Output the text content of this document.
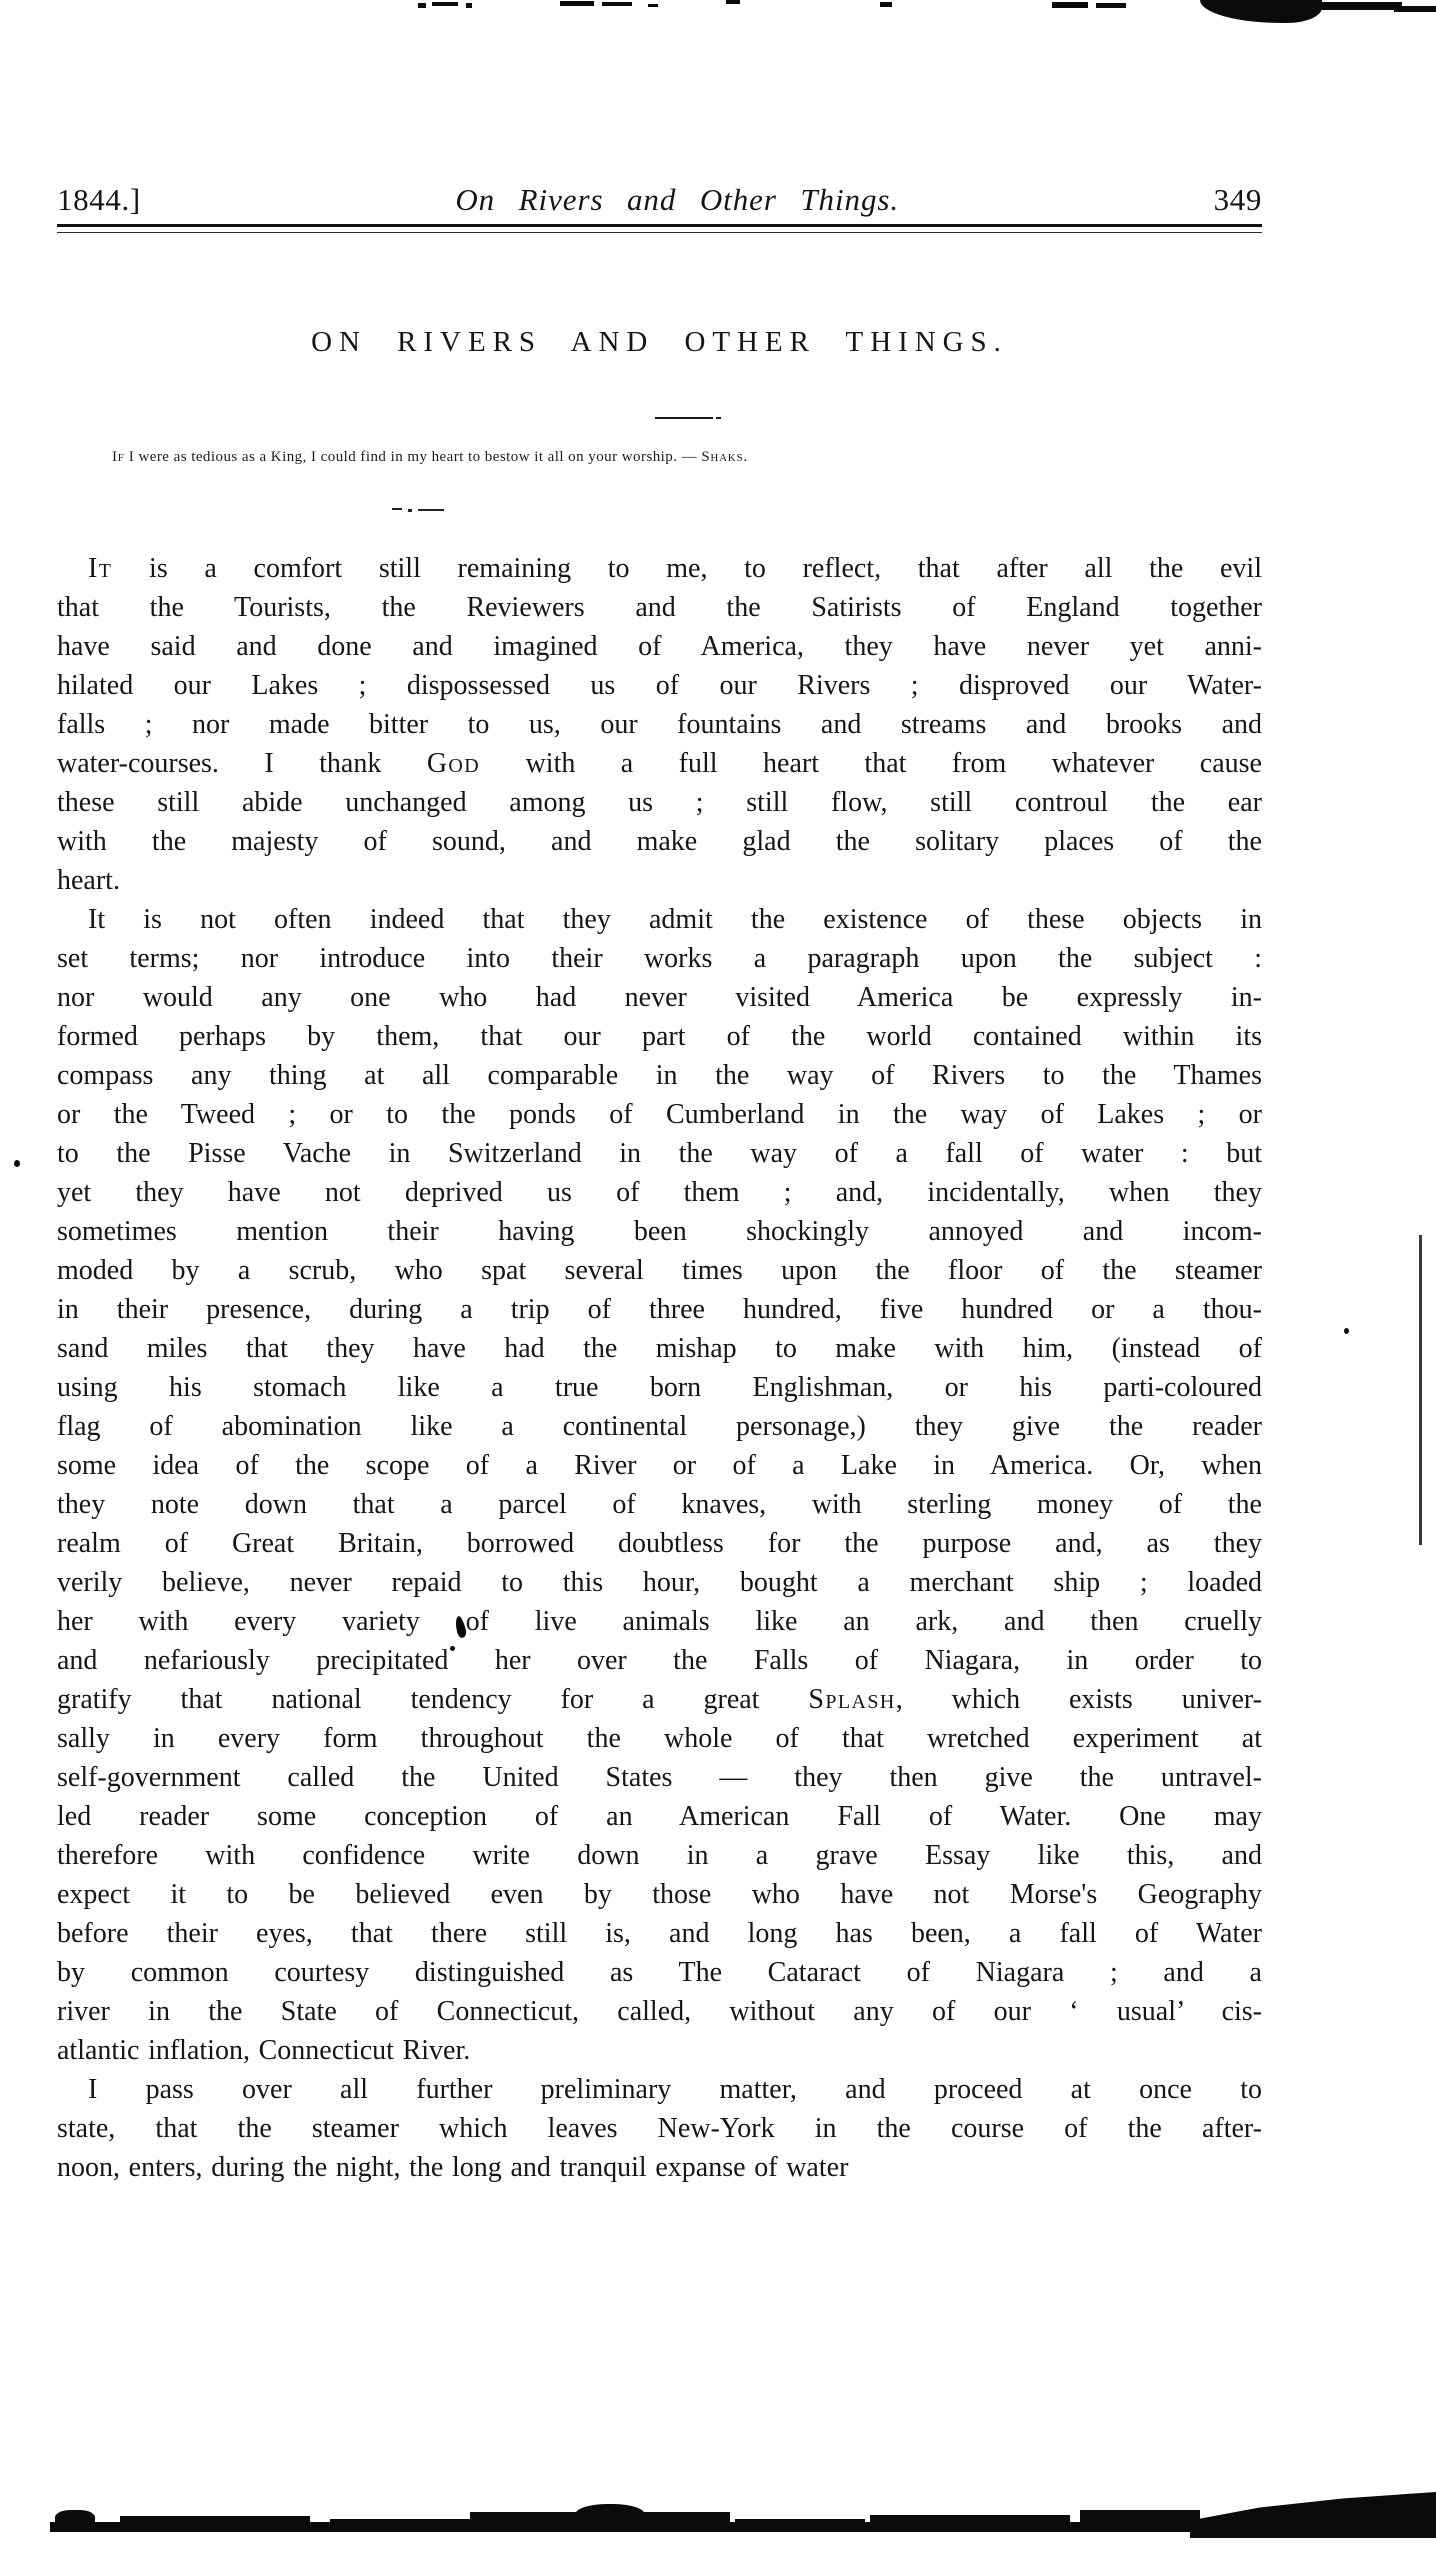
1844.]	On Rivers and Other Things.	349
ON RIVERS AND OTHER THINGS.

If I were as tedious as a King, I could find in my heart to bestow it all on your worship. — Shaks.

It is a comfort still remaining to me, to reflect, that after all the evil
that the Tourists, the Reviewers and the Satirists of England together
have said and done and imagined of America, they have never yet anni-
hilated our Lakes ; dispossessed us of our Rivers ; disproved our Water-
falls ; nor made bitter to us, our fountains and streams and brooks and
water-courses. I thank God with a full heart that from whatever cause
these still abide unchanged among us ; still flow, still controul the ear
with the majesty of sound, and make glad the solitary places of the
heart.
It is not often indeed that they admit the existence of these objects in
set terms; nor introduce into their works a paragraph upon the subject :
nor would any one who had never visited America be expressly in-
formed perhaps by them, that our part of the world contained within its
compass any thing at all comparable in the way of Rivers to the Thames
or the Tweed ; or to the ponds of Cumberland in the way of Lakes ; or
to the Pisse Vache in Switzerland in the way of a fall of water : but
yet they have not deprived us of them ; and, incidentally, when they
sometimes mention their having been shockingly annoyed and incom-
moded by a scrub, who spat several times upon the floor of the steamer
in their presence, during a trip of three hundred, five hundred or a thou-
sand miles that they have had the mishap to make with him, (instead of
using his stomach like a true born Englishman, or his parti-coloured
flag of abomination like a continental personage,) they give the reader
some idea of the scope of a River or of a Lake in America. Or, when
they note down that a parcel of knaves, with sterling money of the
realm of Great Britain, borrowed doubtless for the purpose and, as they
verily believe, never repaid to this hour, bought a merchant ship ; loaded
her with every variety of live animals like an ark, and then cruelly
and nefariously precipitated her over the Falls of Niagara, in order to
gratify that national tendency for a great Splash, which exists univer-
sally in every form throughout the whole of that wretched experiment at
self-government called the United States — they then give the untravel-
led reader some conception of an American Fall of Water. One may
therefore with confidence write down in a grave Essay like this, and
expect it to be believed even by those who have not Morse's Geography
before their eyes, that there still is, and long has been, a fall of Water
by common courtesy distinguished as The Cataract of Niagara ; and a
river in the State of Connecticut, called, without any of our ‘ usual’ cis-
atlantic inflation, Connecticut River.
I pass over all further preliminary matter, and proceed at once to
state, that the steamer which leaves New-York in the course of the after-
noon, enters, during the night, the long and tranquil expanse of water
